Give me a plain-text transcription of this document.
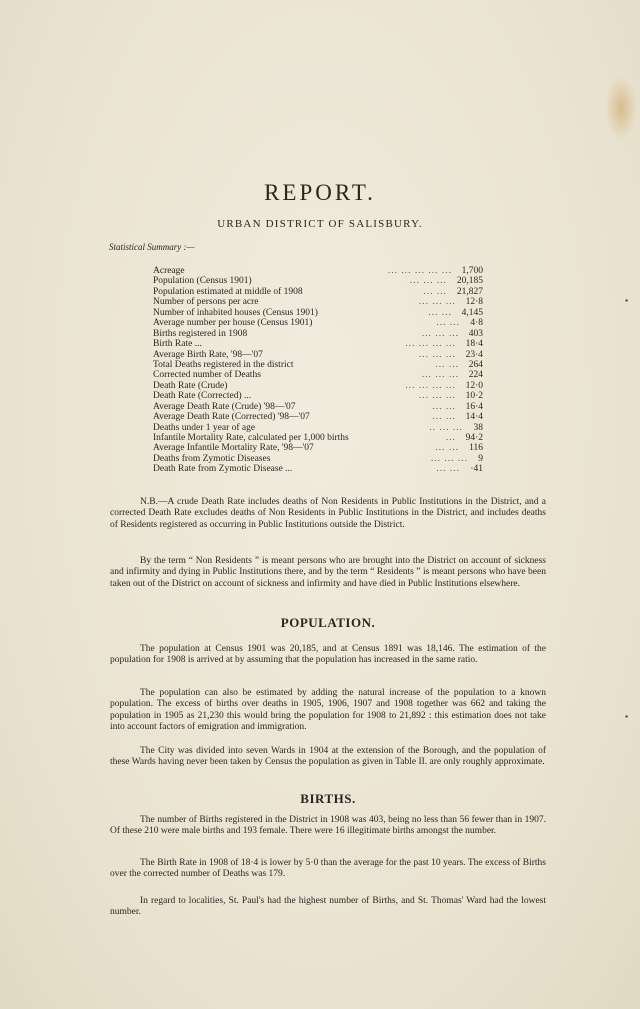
▪
▪
REPORT.
URBAN DISTRICT OF SALISBURY.
Statistical Summary :—
Acreage	... ... ... ... ... 1,700
Population (Census 1901)	... ... ... 20,185
Population estimated at middle of 1908	... ... 21,827
Number of persons per acre	... ... ... 12·8
Number of inhabited houses (Census 1901)	... ... 4,145
Average number per house (Census 1901)	... ... 4·8
Births registered in 1908	... ... ... 403
Birth Rate ...	... ... ... ... 18·4
Average Birth Rate, '98—'07	... ... ... 23·4
Total Deaths registered in the district	... ... 264
Corrected number of Deaths	... ... ... 224
Death Rate (Crude)	... ... ... ... 12·0
Death Rate (Corrected) ...	... ... ... 10·2
Average Death Rate (Crude) '98—'07	... ... 16·4
Average Death Rate (Corrected) '98—'07	... ... 14·4
Deaths under 1 year of age	.. ... ... 38
Infantile Mortality Rate, calculated per 1,000 births	... 94·2
Average Infantile Mortality Rate, '98—'07	... ... 116
Deaths from Zymotic Diseases	... ... ... 9
Death Rate from Zymotic Disease ...	... ... ·41

N.B.—A crude Death Rate includes deaths of Non Residents in Public Institutions in the District, and a corrected Death Rate excludes deaths of Non Residents in Public Institutions in the District, and includes deaths of Residents registered as occurring in Public Institutions outside the District.

By the term “ Non Residents ” is meant persons who are brought into the District on account of sickness and infirmity and dying in Public Institutions there, and by the term “ Residents ” is meant persons who have been taken out of the District on account of sickness and infirmity and have died in Public Institutions elsewhere.

POPULATION.

The population at Census 1901 was 20,185, and at Census 1891 was 18,146. The estimation of the population for 1908 is arrived at by assuming that the population has increased in the same ratio.

The population can also be estimated by adding the natural increase of the population to a known population. The excess of births over deaths in 1905, 1906, 1907 and 1908 together was 662 and taking the population in 1905 as 21,230 this would bring the population for 1908 to 21,892 : this estimation does not take into account factors of emigration and immigration.

The City was divided into seven Wards in 1904 at the extension of the Borough, and the population of these Wards having never been taken by Census the population as given in Table II. are only roughly approximate.

BIRTHS.

The number of Births registered in the District in 1908 was 403, being no less than 56 fewer than in 1907. Of these 210 were male births and 193 female. There were 16 illegitimate births amongst the number.

The Birth Rate in 1908 of 18·4 is lower by 5·0 than the average for the past 10 years. The excess of Births over the corrected number of Deaths was 179.

In regard to localities, St. Paul's had the highest number of Births, and St. Thomas' Ward had the lowest number.
